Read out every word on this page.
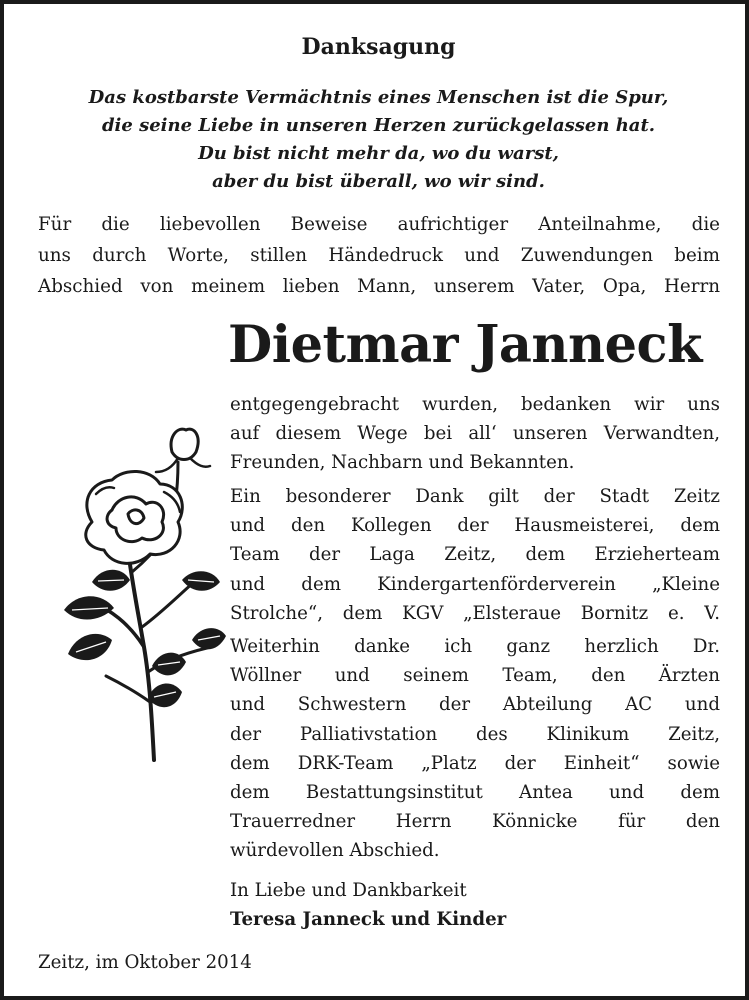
Danksagung
Das kostbarste Vermächtnis eines Menschen ist die Spur,
die seine Liebe in unseren Herzen zurückgelassen hat.
Du bist nicht mehr da, wo du warst,
aber du bist überall, wo wir sind.
Für die liebevollen Beweise aufrichtiger Anteilnahme, die
uns durch Worte, stillen Händedruck und Zuwendungen beim
Abschied von meinem lieben Mann, unserem Vater, Opa, Herrn
Dietmar Janneck
entgegengebracht wurden, bedanken wir uns
auf diesem Wege bei all‘ unseren Verwandten,
Freunden, Nachbarn und Bekannten.
Ein besonderer Dank gilt der Stadt Zeitz
und den Kollegen der Hausmeisterei, dem
Team der Laga Zeitz, dem Erzieherteam
und dem Kindergartenförderverein „Kleine
Strolche“, dem KGV „Elsteraue Bornitz e. V.
Weiterhin danke ich ganz herzlich Dr.
Wöllner und seinem Team, den Ärzten
und Schwestern der Abteilung AC und
der Palliativstation des Klinikum Zeitz,
dem DRK-Team „Platz der Einheit“ sowie
dem Bestattungsinstitut Antea und dem
Trauerredner Herrn Könnicke für den
würdevollen Abschied.
In Liebe und Dankbarkeit
Teresa Janneck und Kinder
Zeitz, im Oktober 2014
